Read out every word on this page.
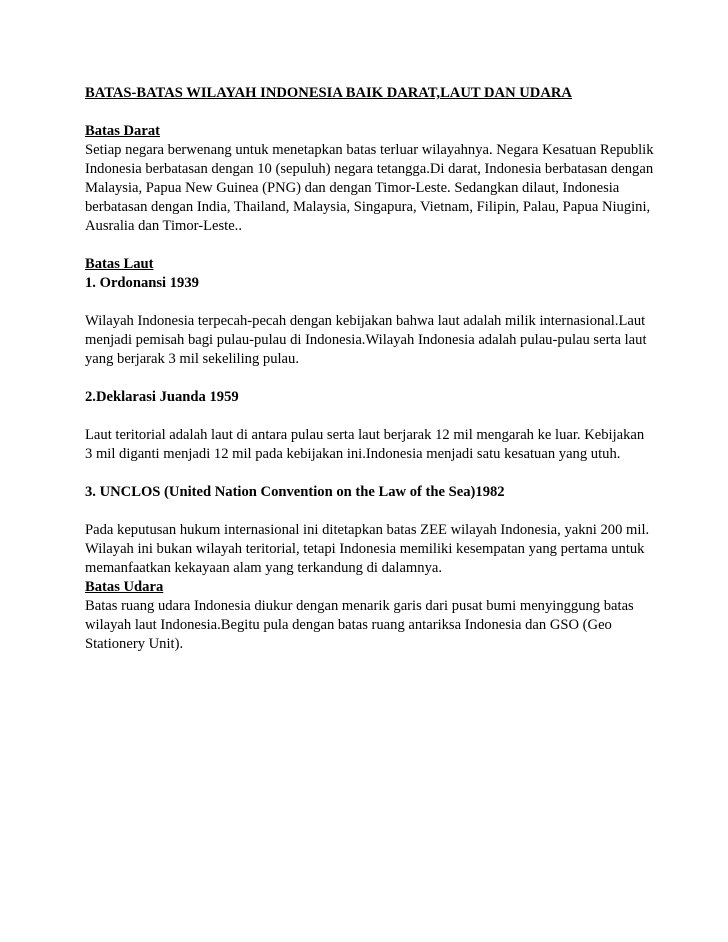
BATAS-BATAS WILAYAH INDONESIA BAIK DARAT,LAUT DAN UDARA
Batas Darat
Setiap negara berwenang untuk menetapkan batas terluar wilayahnya. Negara Kesatuan Republik
Indonesia berbatasan dengan 10 (sepuluh) negara tetangga.Di darat, Indonesia berbatasan dengan
Malaysia, Papua New Guinea (PNG) dan dengan Timor-Leste. Sedangkan dilaut, Indonesia
berbatasan dengan India, Thailand, Malaysia, Singapura, Vietnam, Filipin, Palau, Papua Niugini,
Ausralia dan Timor-Leste..
Batas Laut
1. Ordonansi 1939
Wilayah Indonesia terpecah-pecah dengan kebijakan bahwa laut adalah milik internasional.Laut
menjadi pemisah bagi pulau-pulau di Indonesia.Wilayah Indonesia adalah pulau-pulau serta laut
yang berjarak 3 mil sekeliling pulau.
2.Deklarasi Juanda 1959
Laut teritorial adalah laut di antara pulau serta laut berjarak 12 mil mengarah ke luar. Kebijakan
3 mil diganti menjadi 12 mil pada kebijakan ini.Indonesia menjadi satu kesatuan yang utuh.
3. UNCLOS (United Nation Convention on the Law of the Sea)1982
Pada keputusan hukum internasional ini ditetapkan batas ZEE wilayah Indonesia, yakni 200 mil.
Wilayah ini bukan wilayah teritorial, tetapi Indonesia memiliki kesempatan yang pertama untuk
memanfaatkan kekayaan alam yang terkandung di dalamnya.
Batas Udara
Batas ruang udara Indonesia diukur dengan menarik garis dari pusat bumi menyinggung batas
wilayah laut Indonesia.Begitu pula dengan batas ruang antariksa Indonesia dan GSO (Geo
Stationery Unit).
